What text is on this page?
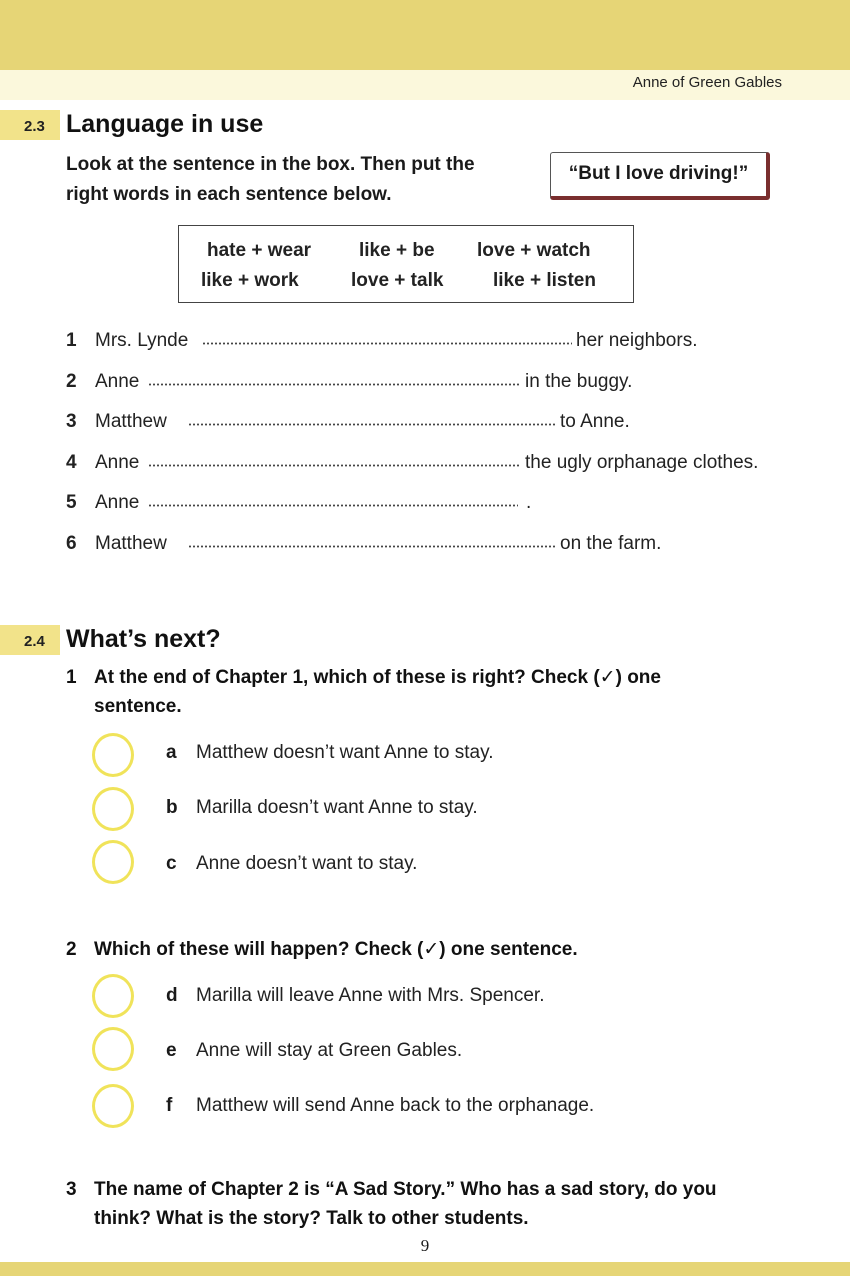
Anne of Green Gables
2.3 Language in use
Look at the sentence in the box. Then put the
right words in each sentence below.
“But I love driving!”
hate + wear	like + be love + watch
like + work	love + talk	like + listen
1 Mrs. Lynde	her neighbors.
2 Anne	in the buggy.
3 Matthew	to Anne.
4 Anne	the ugly orphanage clothes.
5 Anne	.
6 Matthew	on the farm.
2.4 What’s next?
1 At the end of Chapter 1, which of these is right? Check (✓) one
sentence.
a Matthew doesn’t want Anne to stay.
b Marilla doesn’t want Anne to stay.
c Anne doesn’t want to stay.
2 Which of these will happen? Check (✓) one sentence.
d Marilla will leave Anne with Mrs. Spencer.
e Anne will stay at Green Gables.
f Matthew will send Anne back to the orphanage.
3 The name of Chapter 2 is “A Sad Story.” Who has a sad story, do you
think? What is the story? Talk to other students.
9
